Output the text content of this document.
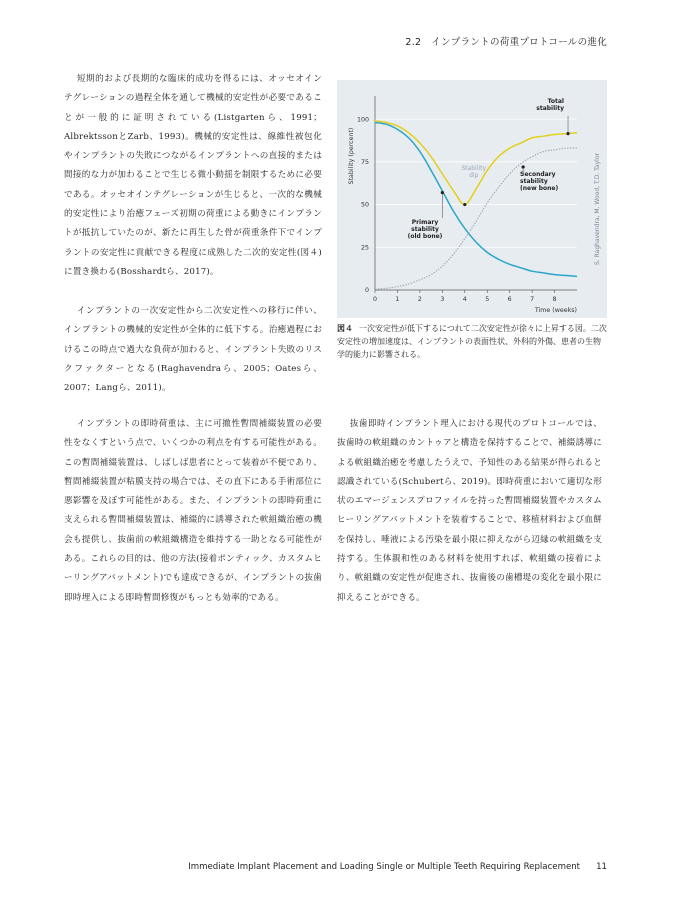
2.2　インプラントの荷重プロトコールの進化

短期的および長期的な臨床的成功を得るには、オッセオインテグレーションの過程全体を通して機械的安定性が必要であることが一般的に証明されている(Listgartenら、1991；AlbrektssonとZarb、1993)。機械的安定性は、線維性被包化やインプラントの失敗につながるインプラントへの直接的または間接的な力が加わることで生じる微小動揺を制限するために必要である。オッセオインテグレーションが生じると、一次的な機械的安定性により治癒フェーズ初期の荷重による動きにインプラントが抵抗していたのが、新たに再生した骨が荷重条件下でインプラントの安定性に貢献できる程度に成熟した二次的安定性(図４)に置き換わる(Bosshardtら、2017)。

インプラントの一次安定性から二次安定性への移行に伴い、インプラントの機械的安定性が全体的に低下する。治癒過程におけるこの時点で過大な負荷が加わると、インプラント失敗のリスクファクターとなる(Raghavendraら、2005；Oatesら、2007；Langら、2011)。

インプラントの即時荷重は、主に可撤性暫間補綴装置の必要性をなくすという点で、いくつかの利点を有する可能性がある。この暫間補綴装置は、しばしば患者にとって装着が不便であり、暫間補綴装置が粘膜支持の場合では、その直下にある手術部位に悪影響を及ぼす可能性がある。また、インプラントの即時荷重に支えられる暫間補綴装置は、補綴的に誘導された軟組織治癒の機会も提供し、抜歯前の軟組織構造を維持する一助となる可能性がある。これらの目的は、他の方法(接着ポンティック、カスタムヒーリングアバットメント)でも達成できるが、インプラントの抜歯即時埋入による即時暫間修復がもっとも効率的である。

抜歯即時インプラント埋入における現代のプロトコールでは、抜歯時の軟組織のカントゥアと構造を保持することで、補綴誘導による軟組織治癒を考慮したうえで、予知性のある結果が得られると認識されている(Schubertら、2019)。即時荷重において適切な形状のエマージェンスプロファイルを持った暫間補綴装置やカスタムヒーリングアバットメントを装着することで、移植材料および血餅を保持し、唾液による汚染を最小限に抑えながら辺縁の軟組織を支持する。生体親和性のある材料を使用すれば、軟組織の接着により、軟組織の安定性が促進され、抜歯後の歯槽堤の変化を最小限に抑えることができる。

0
25
50
75
100
0	1	2	3	4	5	6	7	8
Time (weeks)
Stability (percent)
Total stability
Stability dip	Secondary stability (new bone)
Primary stability (old bone)	S. Raghavendra, M. Wood, T.D. Taylor
図４ 一次安定性が低下するにつれて二次安定性が徐々に上昇する図。二次安定性の増加速度は、インプラントの表面性状、外科的外傷、患者の生物学的能力に影響される。
Immediate Implant Placement and Loading Single or Multiple Teeth Requiring Replacement 11
